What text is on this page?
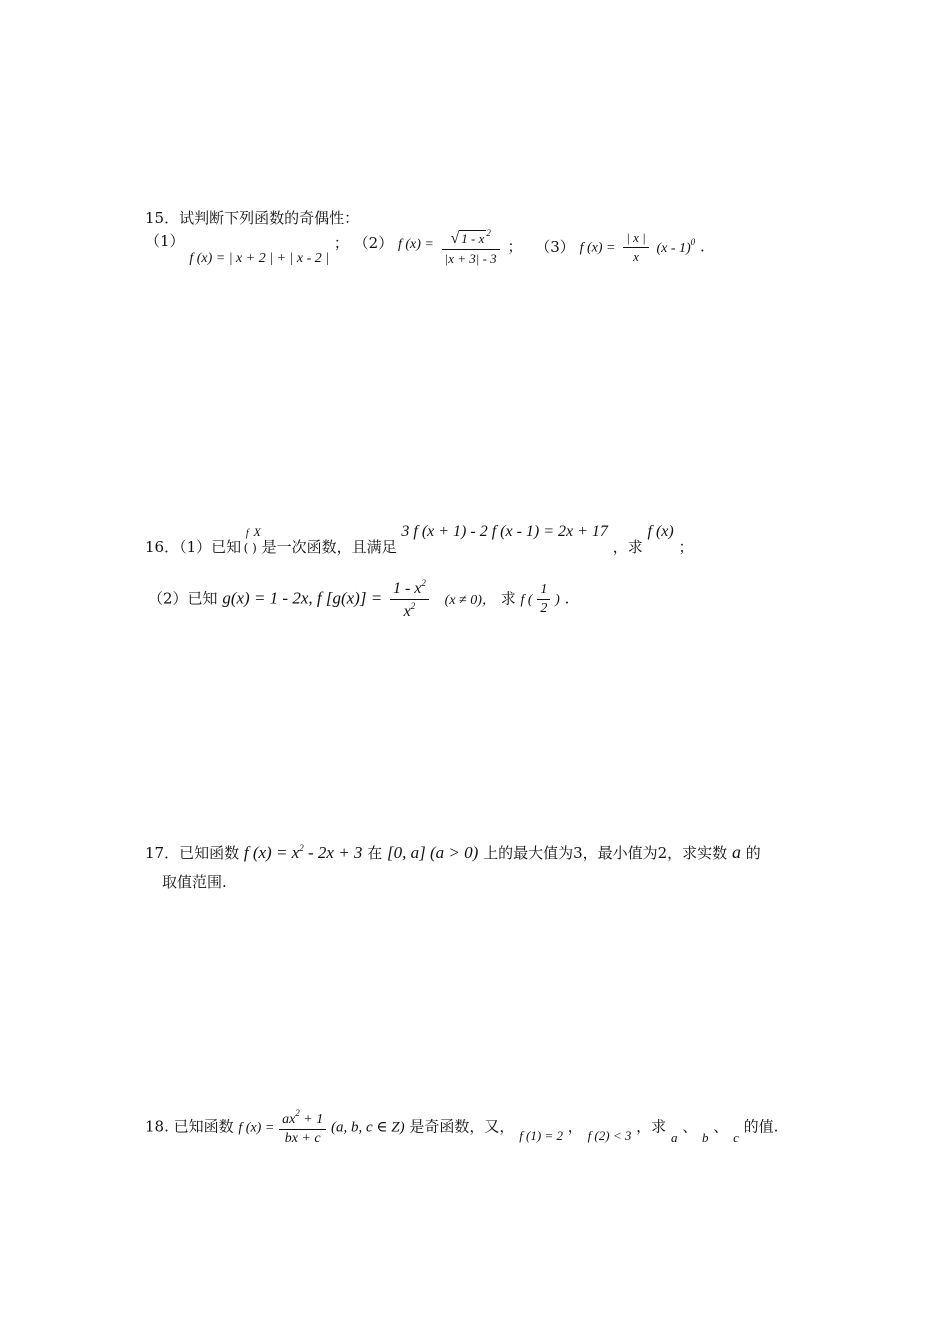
15．试判断下列函数的奇偶性：
（1） f (x) = | x + 2 | + | x - 2 | ； （2） f $(x) = \frac{√ 1 - x ^2}{|x + 3| - 3}$ ； （3） f $(x) = \frac{| x |}{x} (x - 1)^0$ .
16．（1）已知 f X $_{( )}$ 是一次函数，且满足 3 f (x + 1) - 2 f (x - 1) = 2x + 17 ，求 f (x) ；
（2）已知 g(x) = 1 - 2x, f $[g(x)] = \frac{1 - x^2}{x^2} (x \ne 0)$， 求 f ( $\frac{1}{2}$ ) .
17．已知函数 f $(x) = x^2 - 2x + 3$ 在 [0, a] (a > 0) 上的最大值为3，最小值为2，求实数 a 的
取值范围.
18. 已知函数 f $(x) = \frac{ax^2 + 1}{bx + c} (a$, b, c ∈ Z) 是奇函数，又， f (1) = 2 ， f (2) < 3 ，求 a 、 b 、 c 的值.
